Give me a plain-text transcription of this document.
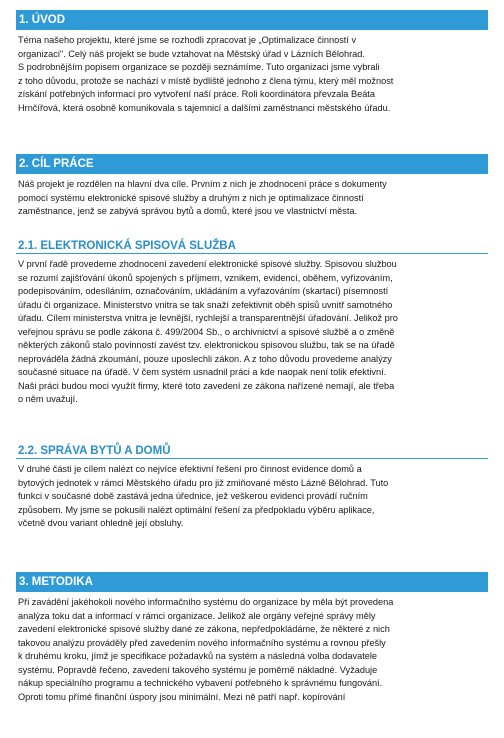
1. ÚVOD
Téma našeho projektu, které jsme se rozhodli zpracovat je „Optimalizace činností v
organizaci". Celý náš projekt se bude vztahovat na Městský úřad v Lázních Bělohrad.
S podrobnějším popisem organizace se později seznámíme. Tuto organizaci jsme vybrali
z toho důvodu, protože se nachází v místě bydliště jednoho z člena týmu, který měl možnost
získání potřebných informací pro vytvoření naší práce. Roli koordinátora převzala Beáta
Hrnčířová, která osobně komunikovala s tajemnicí a dalšími zaměstnanci městského úřadu.
2. CÍL PRÁCE
Náš projekt je rozdělen na hlavní dva cíle. Prvním z nich je zhodnocení práce s dokumenty
pomocí systému elektronické spisové služby a druhým z nich je optimalizace činností
zaměstnance, jenž se zabývá správou bytů a domů, které jsou ve vlastnictví města.
2.1. ELEKTRONICKÁ SPISOVÁ SLUŽBA
V první řadě provedeme zhodnocení zavedení elektronické spisové služby. Spisovou službou
se rozumí zajišťování úkonů spojených s příjmem, vznikem, evidencí, oběhem, vyřizováním,
podepisováním, odesíláním, označováním, ukládáním a vyřazováním (skartací) písemností
úřadu či organizace. Ministerstvo vnitra se tak snaží zefektivnit oběh spisů uvnitř samotného
úřadu. Cílem ministerstva vnitra je levnější, rychlejší a transparentnější úřadování. Jelikož pro
veřejnou správu se podle zákona č. 499/2004 Sb., o archivnictví a spisové službě a o změně
některých zákonů stalo povinností zavést tzv. elektronickou spisovou službu, tak se na úřadě
neprováděla žádná zkoumání, pouze uposlechli zákon. A z toho důvodu provedeme analýzy
současné situace na úřadě. V čem systém usnadnil práci a kde naopak není tolik efektivní.
Naši práci budou moci využít firmy, které toto zavedení ze zákona nařízené nemají, ale třeba
o něm uvažují.
2.2. SPRÁVA BYTŮ A DOMŮ
V druhé části je cílem nalézt co nejvíce efektivní řešení pro činnost evidence domů a
bytových jednotek v rámci Městského úřadu pro již zmiňované město Lázně Bělohrad. Tuto
funkci v současné době zastává jedna úřednice, jež veškerou evidenci provádí ručním
způsobem. My jsme se pokusili nalézt optimální řešení za předpokladu výběru aplikace,
včetně dvou variant ohledně její obsluhy.
3. METODIKA
Při zavádění jakéhokoli nového informačního systému do organizace by měla být provedena
analýza toku dat a informací v rámci organizace. Jelikož ale orgány veřejné správy měly
zavedení elektronické spisové služby dané ze zákona, nepředpokládáme, že některé z nich
takovou analýzu prováděly před zavedením nového informačního systému a rovnou přešly
k druhému kroku, jímž je specifikace požadavků na systém a následná volba dodavatele
systému. Popravdě řečeno, zavedení takového systému je poměrně nákladné. Vyžaduje
nákup speciálního programu a technického vybavení potřebného k správnému fungování.
Oproti tomu přímé finanční úspory jsou minimální. Mezi ně patří např. kopírování
